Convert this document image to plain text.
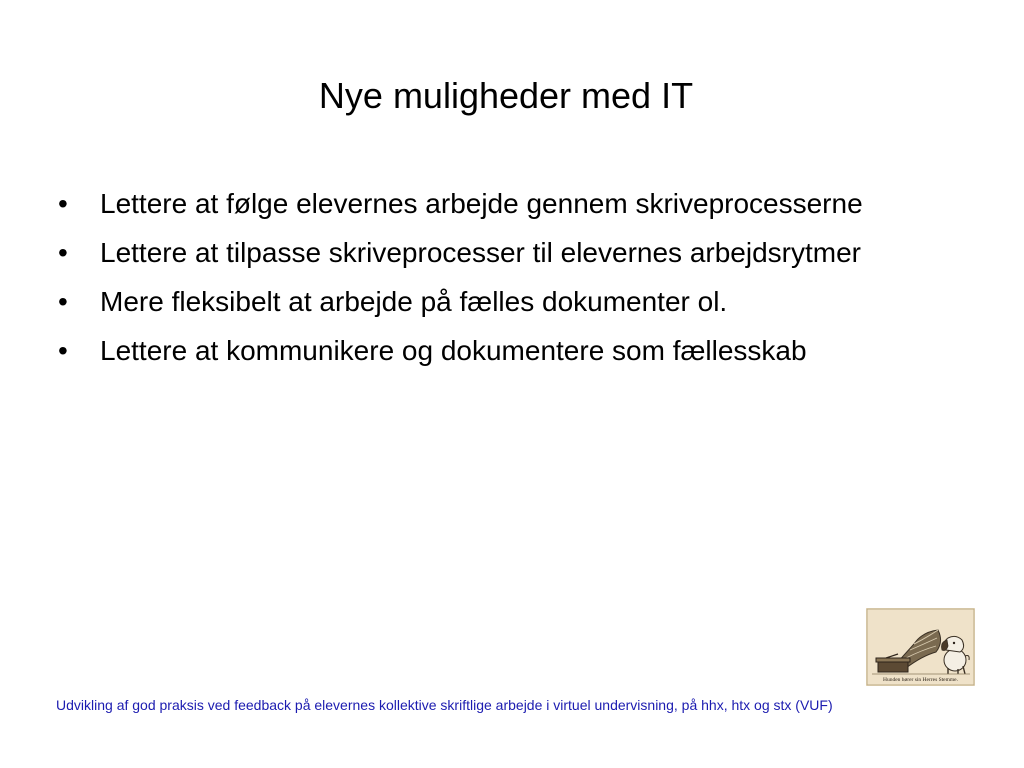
Nye muligheder med IT
•	Lettere at følge elevernes arbejde gennem skriveprocesserne
•	Lettere at tilpasse skriveprocesser til elevernes arbejdsrytmer
•	Mere fleksibelt at arbejde på fælles dokumenter ol.
•	Lettere at kommunikere og dokumentere som fællesskab
Hunden hører sin Herres Stemme.
Udvikling af god praksis ved feedback på elevernes kollektive skriftlige arbejde i virtuel undervisning, på hhx, htx og stx (VUF)
